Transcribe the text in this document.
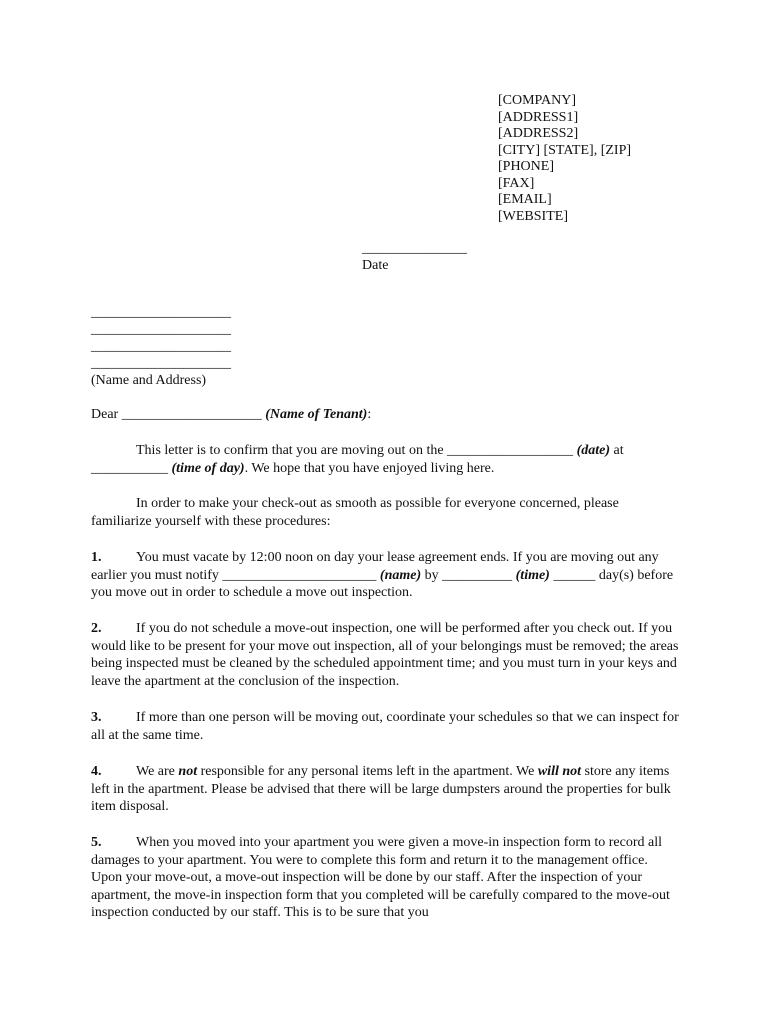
[COMPANY]
[ADDRESS1]
[ADDRESS2]
[CITY] [STATE], [ZIP]
[PHONE]
[FAX]
[EMAIL]
[WEBSITE]
_______________
Date
____________________
____________________
____________________
____________________
(Name and Address)

Dear ____________________ (Name of Tenant):

This letter is to confirm that you are moving out on the __________________ (date) at
___________ (time of day). We hope that you have enjoyed living here.

In order to make your check-out as smooth as possible for everyone concerned, please familiarize yourself with these procedures:

1. You must vacate by 12:00 noon on day your lease agreement ends. If you are moving out any earlier you must notify ______________________ (name) by __________ (time) ______ day(s) before you move out in order to schedule a move out inspection.

2. If you do not schedule a move-out inspection, one will be performed after you check out. If you would like to be present for your move out inspection, all of your belongings must be removed; the areas being inspected must be cleaned by the scheduled appointment time; and you must turn in your keys and leave the apartment at the conclusion of the inspection.

3. If more than one person will be moving out, coordinate your schedules so that we can inspect for all at the same time.

4. We are not responsible for any personal items left in the apartment. We will not store any items left in the apartment. Please be advised that there will be large dumpsters around the properties for bulk item disposal.

5. When you moved into your apartment you were given a move-in inspection form to record all damages to your apartment. You were to complete this form and return it to the management office. Upon your move-out, a move-out inspection will be done by our staff. After the inspection of your apartment, the move-in inspection form that you completed will be carefully compared to the move-out inspection conducted by our staff. This is to be sure that you
